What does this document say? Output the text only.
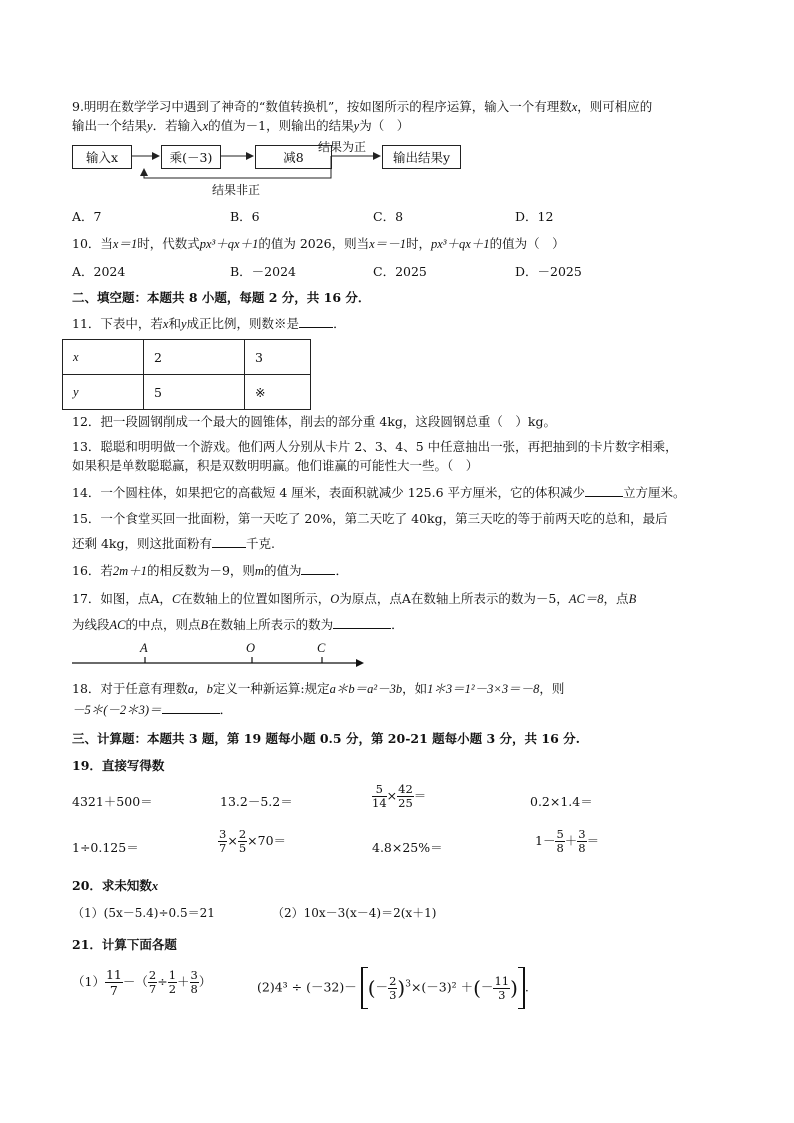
9.明明在数学学习中遇到了神奇的“数值转换机”，按如图所示的程序运算，输入一个有理数x，则可相应的
输出一个结果y．若输入x的值为－1，则输出的结果y为（　）
输入x	乘(－3)	减8	输出结果y
结果为正
结果非正
A．7	B．6	C．8	D．12
10．当x＝1时，代数式px³＋qx＋1的值为 2026，则当x＝－1时，px³＋qx＋1的值为（　）
A．2024	B．－2024	C．2025	D．－2025
二、填空题：本题共 8 小题，每题 2 分，共 16 分．
11．下表中，若x和y成正比例，则数※是	．
x	2	3
y	5	※
12．把一段圆钢削成一个最大的圆锥体，削去的部分重 4kg，这段圆钢总重（　）kg。
13．聪聪和明明做一个游戏。他们两人分别从卡片 2、3、4、5 中任意抽出一张，再把抽到的卡片数字相乘，
如果积是单数聪聪赢，积是双数明明赢。他们谁赢的可能性大一些。（　）
14．一个圆柱体，如果把它的高截短 4 厘米，表面积就减少 125.6 平方厘米，它的体积减少	立方厘米。
15．一个食堂买回一批面粉，第一天吃了 20%，第二天吃了 40kg，第三天吃的等于前两天吃的总和，最后
还剩 4kg，则这批面粉有	千克.
16．若2m＋1的相反数为－9，则m的值为	．
17．如图，点A，C在数轴上的位置如图所示，O为原点，点A在数轴上所表示的数为－5，AC＝8，点B
为线段AC的中点，则点B在数轴上所表示的数为	．
A	O	C
18．对于任意有理数a，b定义一种新运算:规定a＊b＝a²－3b，如1＊3＝1²－3×3＝－8，则
－5＊(－2＊3)＝	．
三、计算题：本题共 3 题，第 19 题每小题 0.5 分，第 20-21 题每小题 3 分，共 16 分.
19．直接写得数
4321＋500＝	13.2－5.2＝	$\frac{5}{14} \times \frac{42}{25}$ ＝	0.2×1.4＝
1÷0.125＝	$\frac{3}{7} \times \frac{2}{5} \times 70=$	4.8×25%＝	$1- \frac{5}{8} + \frac{3}{8}$ ＝
20．求未知数x
（1）(5x－5.4)÷0.5＝21	（2）10x－3(x－4)＝2(x＋1)
21．计算下面各题
$(1) \frac{11}{7}$ －（ $\frac{2}{7} \div \frac{1}{2} + \frac{3}{8}$ ）	(2)4³ ÷ (－32)－ (－ $\frac{2}{3} )^3\times(-3)^2$ ＋(－ $\frac{11}{3}$ ) .
